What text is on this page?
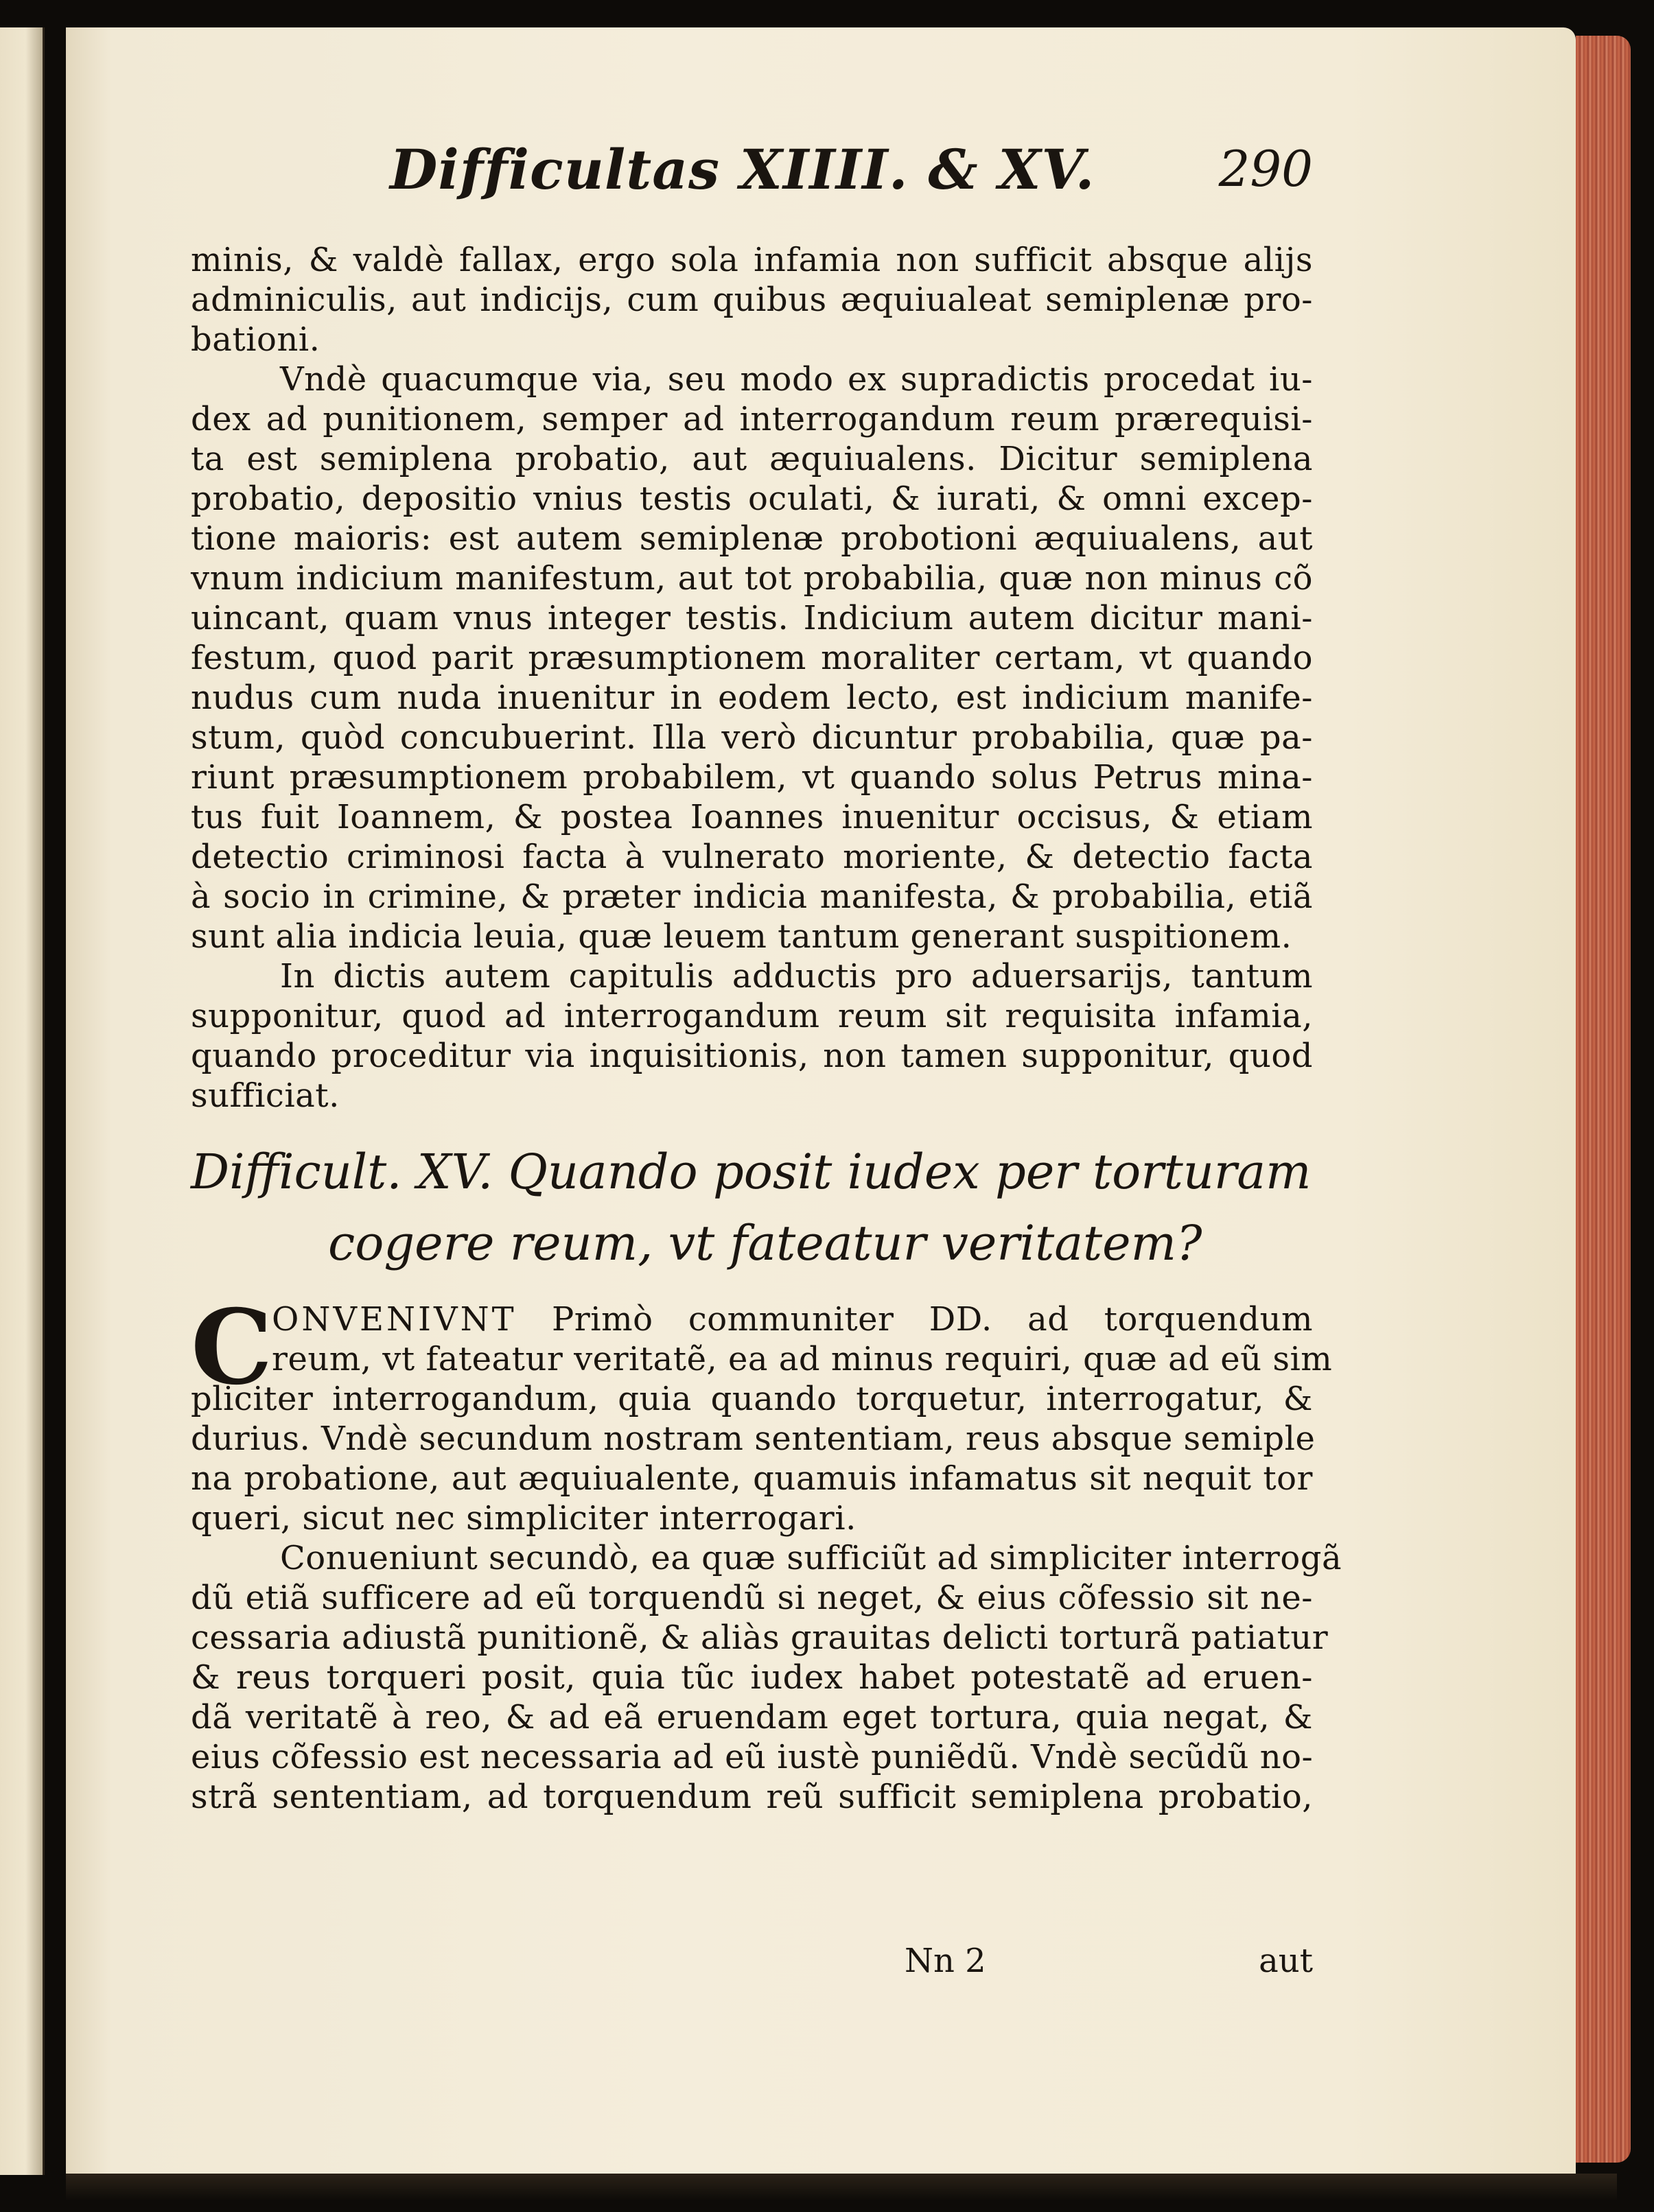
Difficultas XIIII. & XV.	290
minis, & valdè fallax, ergo sola infamia non sufficit absque alijs
adminiculis, aut indicijs, cum quibus æquiualeat semiplenæ pro-
bationi.
Vndè quacumque via, seu modo ex supradictis procedat iu-
dex ad punitionem, semper ad interrogandum reum prærequisi-
ta est semiplena probatio, aut æquiualens. Dicitur semiplena
probatio, depositio vnius testis oculati, & iurati, & omni excep-
tione maioris: est autem semiplenæ probotioni æquiualens, aut
vnum indicium manifestum, aut tot probabilia, quæ non minus cõ
uincant, quam vnus integer testis. Indicium autem dicitur mani-
festum, quod parit præsumptionem moraliter certam, vt quando
nudus cum nuda inuenitur in eodem lecto, est indicium manife-
stum, quòd concubuerint. Illa verò dicuntur probabilia, quæ pa-
riunt præsumptionem probabilem, vt quando solus Petrus mina-
tus fuit Ioannem, & postea Ioannes inuenitur occisus, & etiam
detectio criminosi facta à vulnerato moriente, & detectio facta
à socio in crimine, & præter indicia manifesta, & probabilia, etiã
sunt alia indicia leuia, quæ leuem tantum generant suspitionem.
In dictis autem capitulis adductis pro aduersarijs, tantum
supponitur, quod ad interrogandum reum sit requisita infamia,
quando proceditur via inquisitionis, non tamen supponitur, quod
sufficiat.
Difficult. XV. Quando posit iudex per torturam
cogere reum, vt fateatur veritatem?
C
ONVENIVNT Primò communiter DD. ad torquendum
reum, vt fateatur veritatẽ, ea ad minus requiri, quæ ad eũ sim
pliciter interrogandum, quia quando torquetur, interrogatur, &
durius. Vndè secundum nostram sententiam, reus absque semiple
na probatione, aut æquiualente, quamuis infamatus sit nequit tor
queri, sicut nec simpliciter interrogari.
Conueniunt secundò, ea quæ sufficiũt ad simpliciter interrogã
dũ etiã sufficere ad eũ torquendũ si neget, & eius cõfessio sit ne-
cessaria adiustã punitionẽ, & aliàs grauitas delicti torturã patiatur
& reus torqueri posit, quia tũc iudex habet potestatẽ ad eruen-
dã veritatẽ à reo, & ad eã eruendam eget tortura, quia negat, &
eius cõfessio est necessaria ad eũ iustè puniẽdũ. Vndè secũdũ no-
strã sententiam, ad torquendum reũ sufficit semiplena probatio,
Nn 2	aut
